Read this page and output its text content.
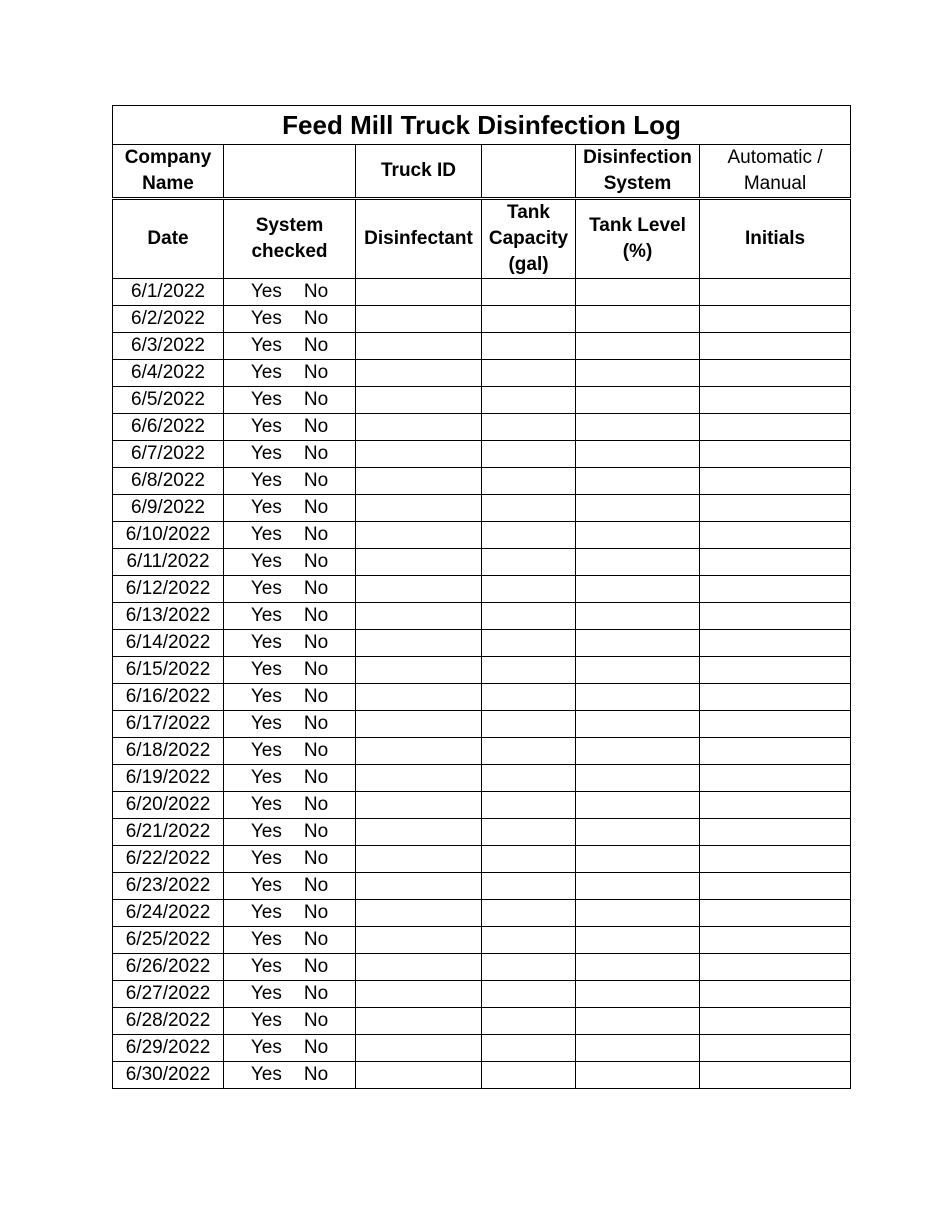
Feed Mill Truck Disinfection Log					
Company Name		Truck ID		Disinfection System	Automatic / Manual
Date	System checked	Disinfectant	Tank Capacity (gal)	Tank Level (%)	Initials
6/1/2022	Yes No				
6/2/2022	Yes No				
6/3/2022	Yes No				
6/4/2022	Yes No				
6/5/2022	Yes No				
6/6/2022	Yes No				
6/7/2022	Yes No				
6/8/2022	Yes No				
6/9/2022	Yes No				
6/10/2022	Yes No				
6/11/2022	Yes No				
6/12/2022	Yes No				
6/13/2022	Yes No				
6/14/2022	Yes No				
6/15/2022	Yes No				
6/16/2022	Yes No				
6/17/2022	Yes No				
6/18/2022	Yes No				
6/19/2022	Yes No				
6/20/2022	Yes No				
6/21/2022	Yes No				
6/22/2022	Yes No				
6/23/2022	Yes No				
6/24/2022	Yes No				
6/25/2022	Yes No				
6/26/2022	Yes No				
6/27/2022	Yes No				
6/28/2022	Yes No				
6/29/2022	Yes No				
6/30/2022	Yes No				
